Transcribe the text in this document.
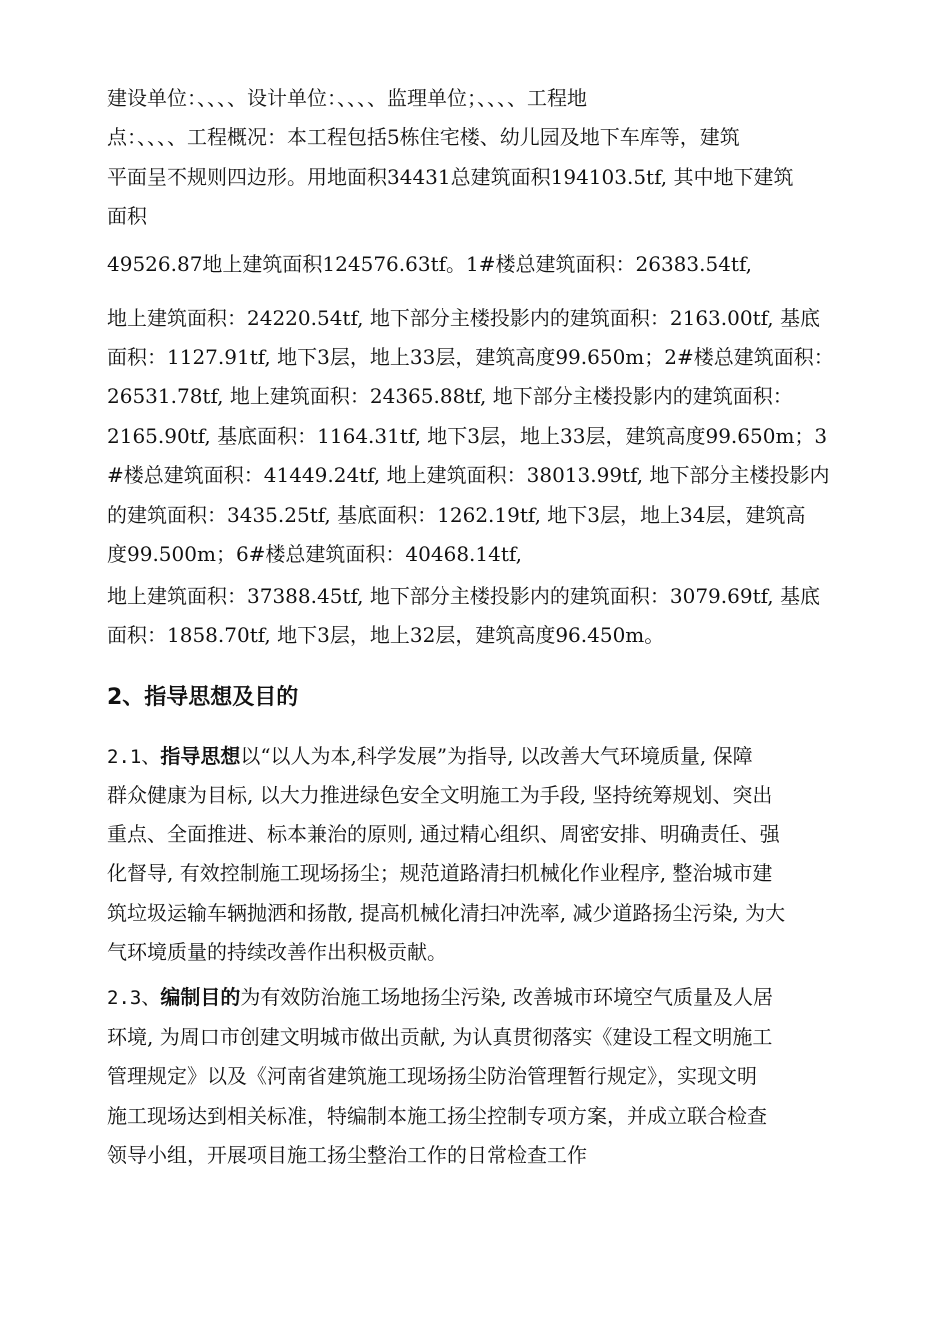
建设单位：、、、、设计单位：、、、、监理单位；、、、、工程地
点：、、、、工程概况：本工程包括5栋住宅楼、幼儿园及地下车库等，建筑
平面呈不规则四边形。用地面积34431总建筑面积194103.5tf, 其中地下建筑
面积
49526.87地上建筑面积124576.63tf。1#楼总建筑面积：26383.54tf,
地上建筑面积：24220.54tf, 地下部分主楼投影内的建筑面积：2163.00tf, 基底
面积：1127.91tf, 地下3层，地上33层，建筑高度99.650m；2#楼总建筑面积：
26531.78tf, 地上建筑面积：24365.88tf, 地下部分主楼投影内的建筑面积：
2165.90tf, 基底面积：1164.31tf, 地下3层，地上33层，建筑高度99.650m；3
#楼总建筑面积：41449.24tf, 地上建筑面积：38013.99tf, 地下部分主楼投影内
的建筑面积：3435.25tf, 基底面积：1262.19tf, 地下3层，地上34层，建筑高
度99.500m；6#楼总建筑面积：40468.14tf,
地上建筑面积：37388.45tf, 地下部分主楼投影内的建筑面积：3079.69tf, 基底
面积：1858.70tf, 地下3层，地上32层，建筑高度96.450m。
2、指导思想及目的
2.1、指导思想以“以人为本,科学发展”为指导, 以改善大气环境质量, 保障
群众健康为目标, 以大力推进绿色安全文明施工为手段, 坚持统筹规划、突出
重点、全面推进、标本兼治的原则, 通过精心组织、周密安排、明确责任、强
化督导, 有效控制施工现场扬尘；规范道路清扫机械化作业程序, 整治城市建
筑垃圾运输车辆抛洒和扬散, 提高机械化清扫冲洗率, 减少道路扬尘污染, 为大
气环境质量的持续改善作出积极贡献。
2.3、编制目的为有效防治施工场地扬尘污染, 改善城市环境空气质量及人居
环境, 为周口市创建文明城市做出贡献, 为认真贯彻落实《建设工程文明施工
管理规定》以及《河南省建筑施工现场扬尘防治管理暂行规定》，实现文明
施工现场达到相关标准，特编制本施工扬尘控制专项方案，并成立联合检查
领导小组，开展项目施工扬尘整治工作的日常检查工作
